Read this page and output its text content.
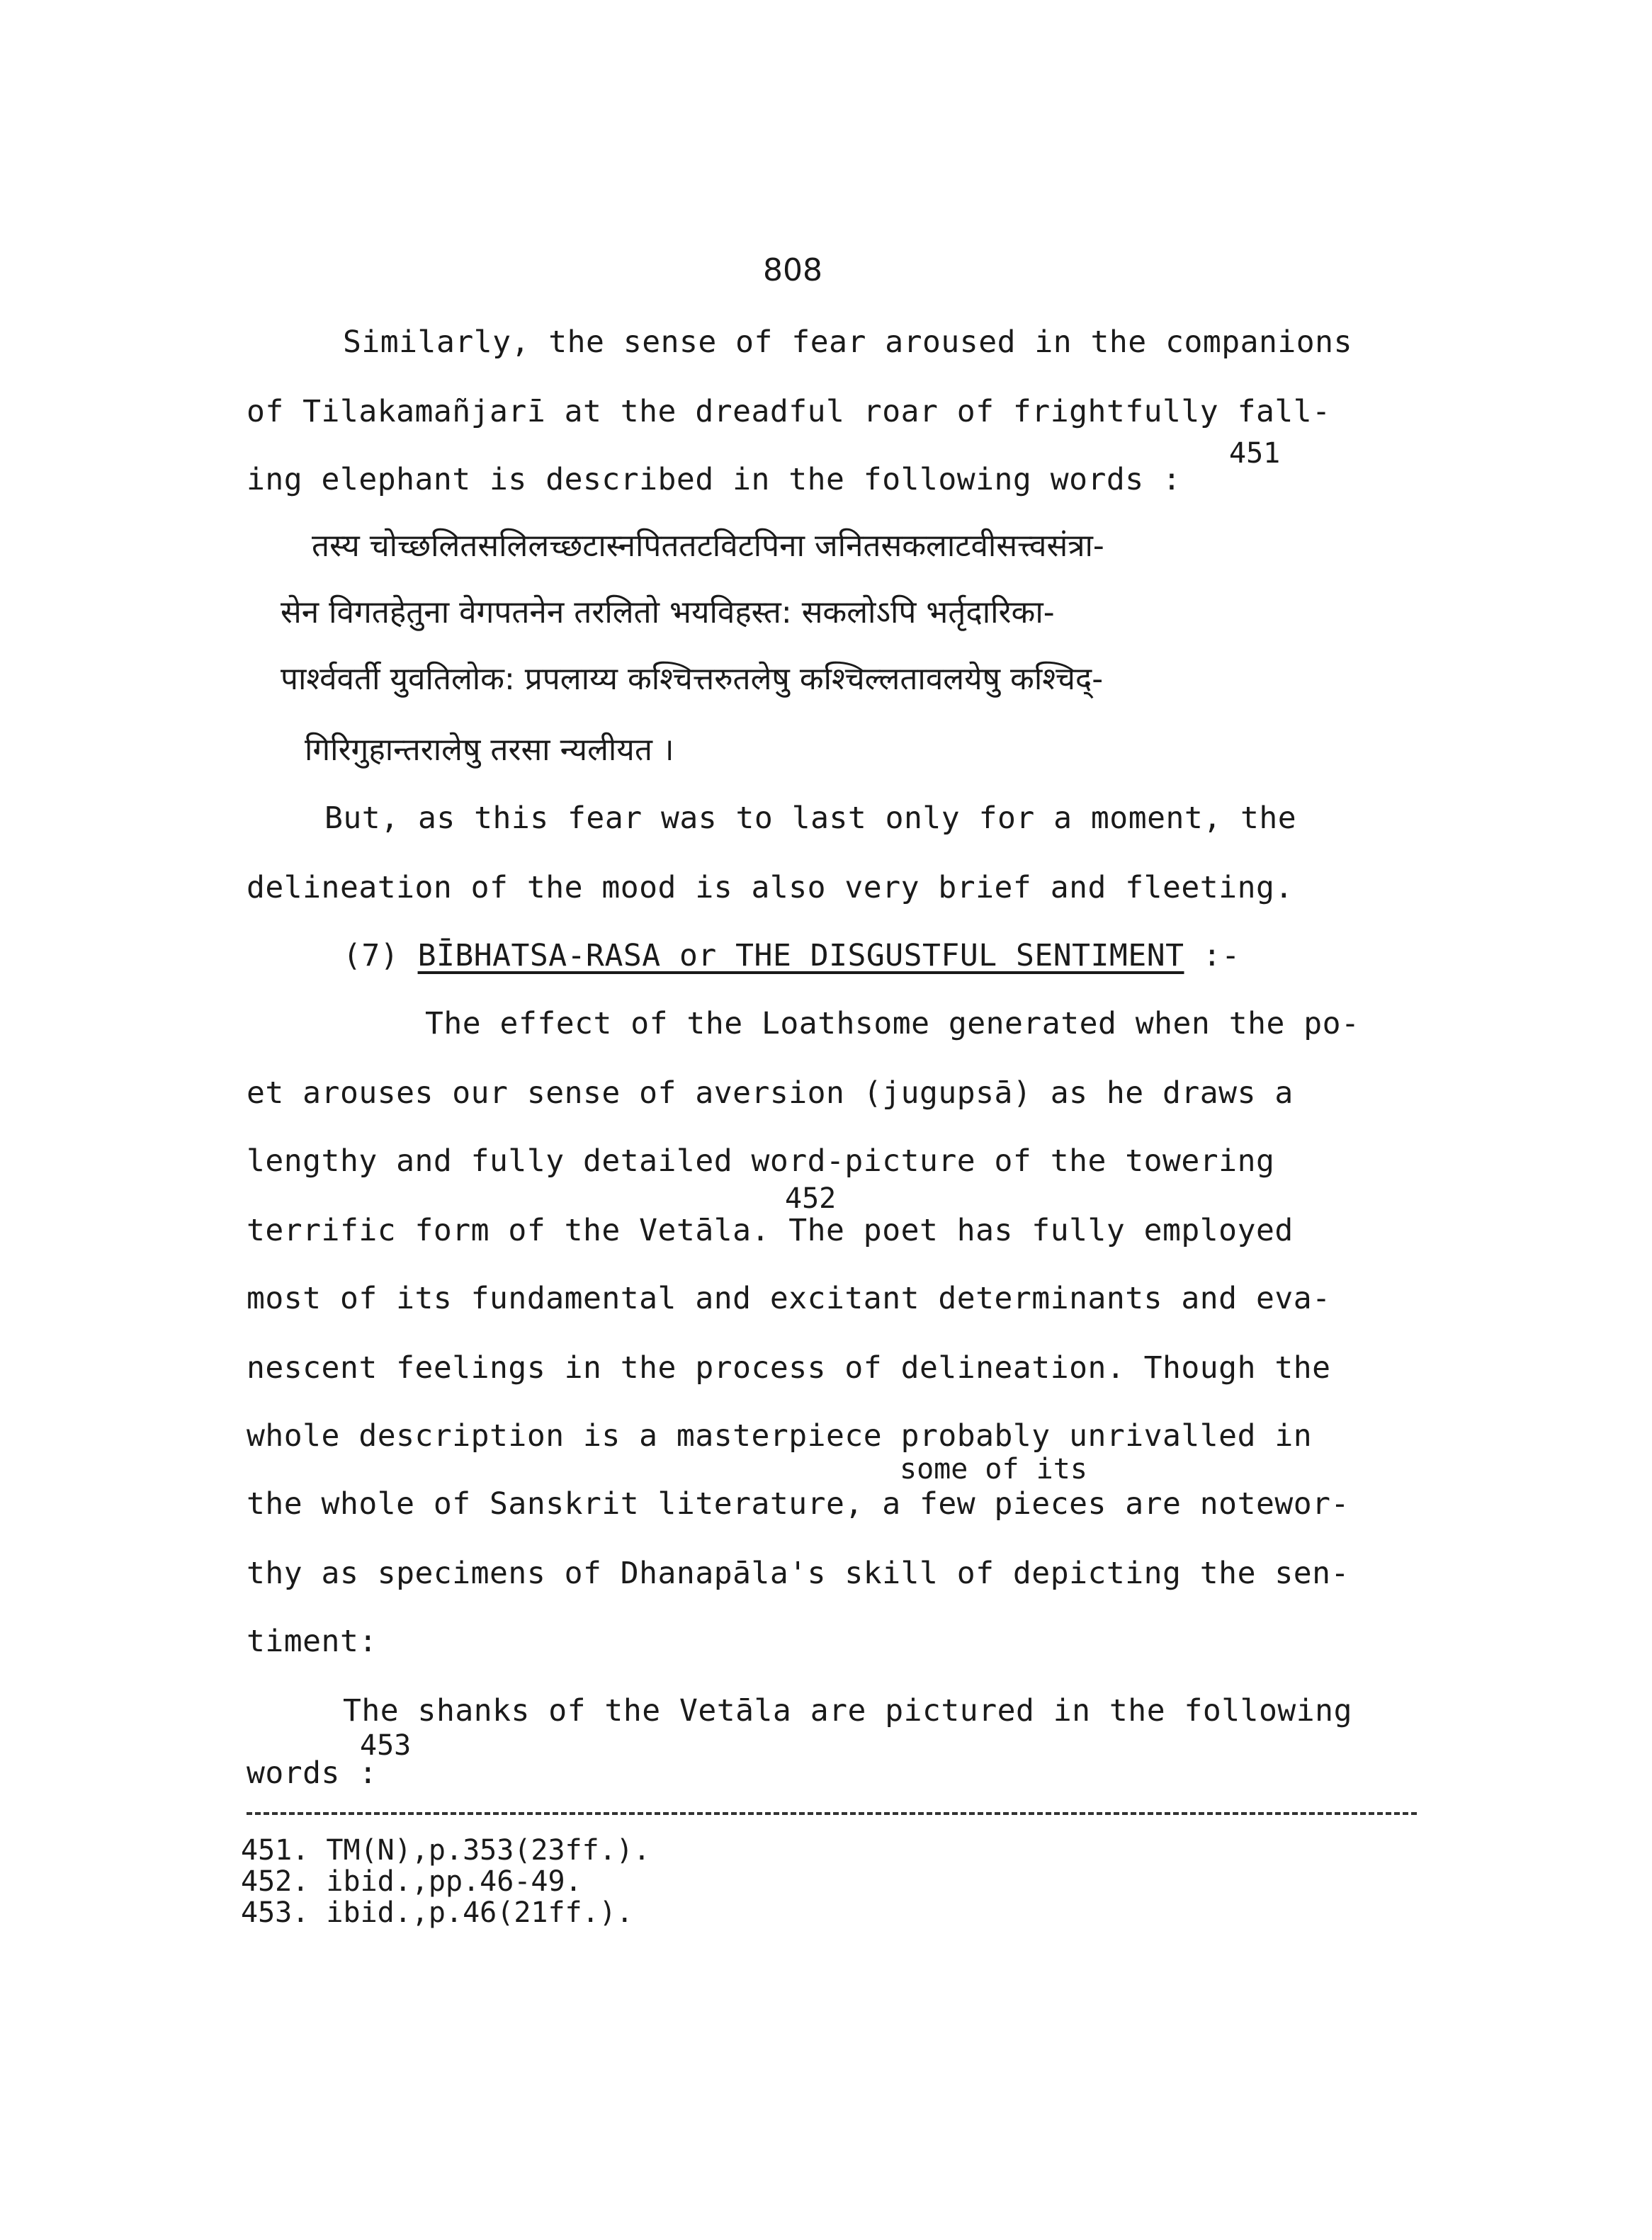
808
Similarly, the sense of fear aroused in the companions
of Tilakamañjarī at the dreadful roar of frightfully fall-
ing elephant is described in the following words :
451
तस्य चोच्छलितसलिलच्छटास्नपिततटविटपिना जनितसकलाटवीसत्त्वसंत्रा-
सेन विगतहेतुना वेगपतनेन तरलितो भयविहस्त: सकलोऽपि भर्तृदारिका-
पार्श्ववर्ती युवतिलोक: प्रपलाय्य कश्चित्तरुतलेषु कश्चिल्लतावलयेषु कश्चिद्-
गिरिगुहान्तरालेषु तरसा न्यलीयत ।
But, as this fear was to last only for a moment, the
delineation of the mood is also very brief and fleeting.
(7) BĪBHATSA-RASA or THE DISGUSTFUL SENTIMENT :-
The effect of the Loathsome generated when the po-
et arouses our sense of aversion (jugupsā) as he draws a
lengthy and fully detailed word-picture of the towering
452
terrific form of the Vetāla. The poet has fully employed
most of its fundamental and excitant determinants and eva-
nescent feelings in the process of delineation. Though the
whole description is a masterpiece probably unrivalled in
some of its
the whole of Sanskrit literature, a few pieces are notewor-
thy as specimens of Dhanapāla's skill of depicting the sen-
timent:
The shanks of the Vetāla are pictured in the following
words :
453
451. TM(N),p.353(23ff.).
452. ibid.,pp.46-49.
453. ibid.,p.46(21ff.).
